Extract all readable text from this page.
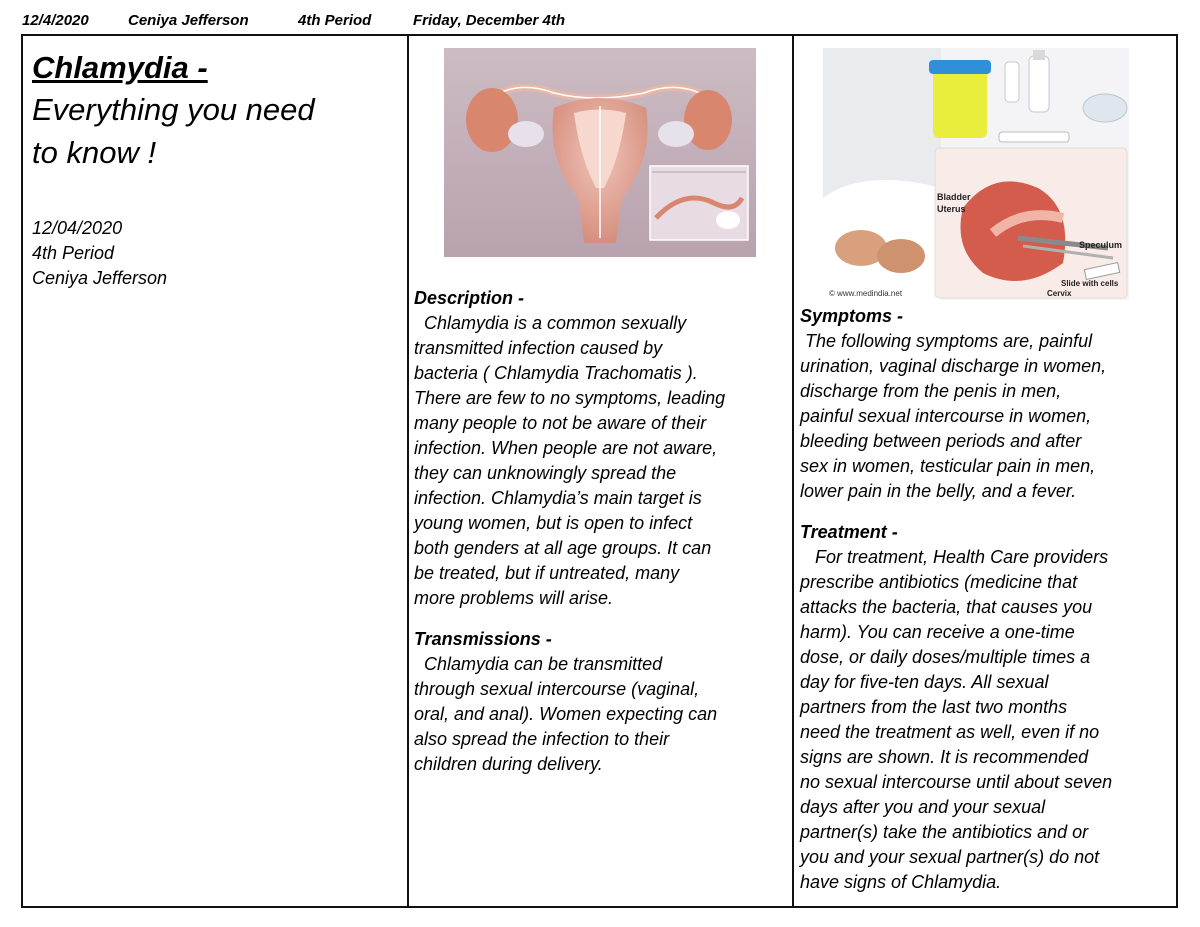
12/4/2020	Ceniya Jefferson	4th Period	Friday, December 4th
Chlamydia -
Everything you need
to know !
12/04/2020
4th Period
Ceniya Jefferson
Description -
Chlamydia is a common sexually
transmitted infection caused by
bacteria ( Chlamydia Trachomatis ).
There are few to no symptoms, leading
many people to not be aware of their
infection. When people are not aware,
they can unknowingly spread the
infection. Chlamydia’s main target is
young women, but is open to infect
both genders at all age groups. It can
be treated, but if untreated, many
more problems will arise.
Transmissions -
Chlamydia can be transmitted
through sexual intercourse (vaginal,
oral, and anal). Women expecting can
also spread the infection to their
children during delivery.
Bladder
Uterus
Speculum
Slide with cells
Cervix
© www.medindia.net
Symptoms -
The following symptoms are, painful
urination, vaginal discharge in women,
discharge from the penis in men,
painful sexual intercourse in women,
bleeding between periods and after
sex in women, testicular pain in men,
lower pain in the belly, and a fever.
Treatment -
For treatment, Health Care providers
prescribe antibiotics (medicine that
attacks the bacteria, that causes you
harm). You can receive a one-time
dose, or daily doses/multiple times a
day for five-ten days. All sexual
partners from the last two months
need the treatment as well, even if no
signs are shown. It is recommended
no sexual intercourse until about seven
days after you and your sexual
partner(s) take the antibiotics and or
you and your sexual partner(s) do not
have signs of Chlamydia.
